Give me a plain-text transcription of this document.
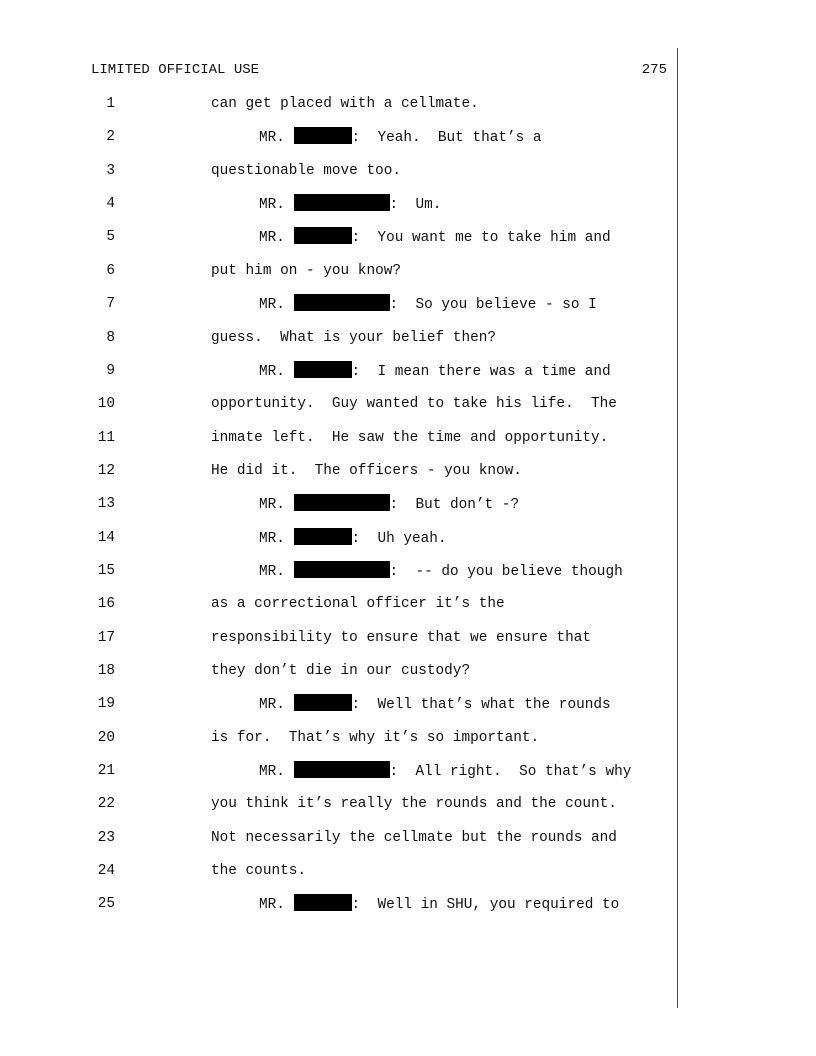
LIMITED OFFICIAL USE	275
1	can get placed with a cellmate.
2	MR.	:  Yeah.  But that’s a
3	questionable move too.
4	MR.	:  Um.
5	MR.	:  You want me to take him and
6	put him on - you know?
7	MR.	:  So you believe - so I
8	guess.  What is your belief then?
9	MR.	:  I mean there was a time and
10	opportunity.  Guy wanted to take his life.  The
11	inmate left.  He saw the time and opportunity.
12	He did it.  The officers - you know.
13	MR.	:  But don’t -?
14	MR.	:  Uh yeah.
15	MR.	:  -- do you believe though
16	as a correctional officer it’s the
17	responsibility to ensure that we ensure that
18	they don’t die in our custody?
19	MR.	:  Well that’s what the rounds
20	is for.  That’s why it’s so important.
21	MR.	:  All right.  So that’s why
22	you think it’s really the rounds and the count.
23	Not necessarily the cellmate but the rounds and
24	the counts.
25	MR.	:  Well in SHU, you required to
